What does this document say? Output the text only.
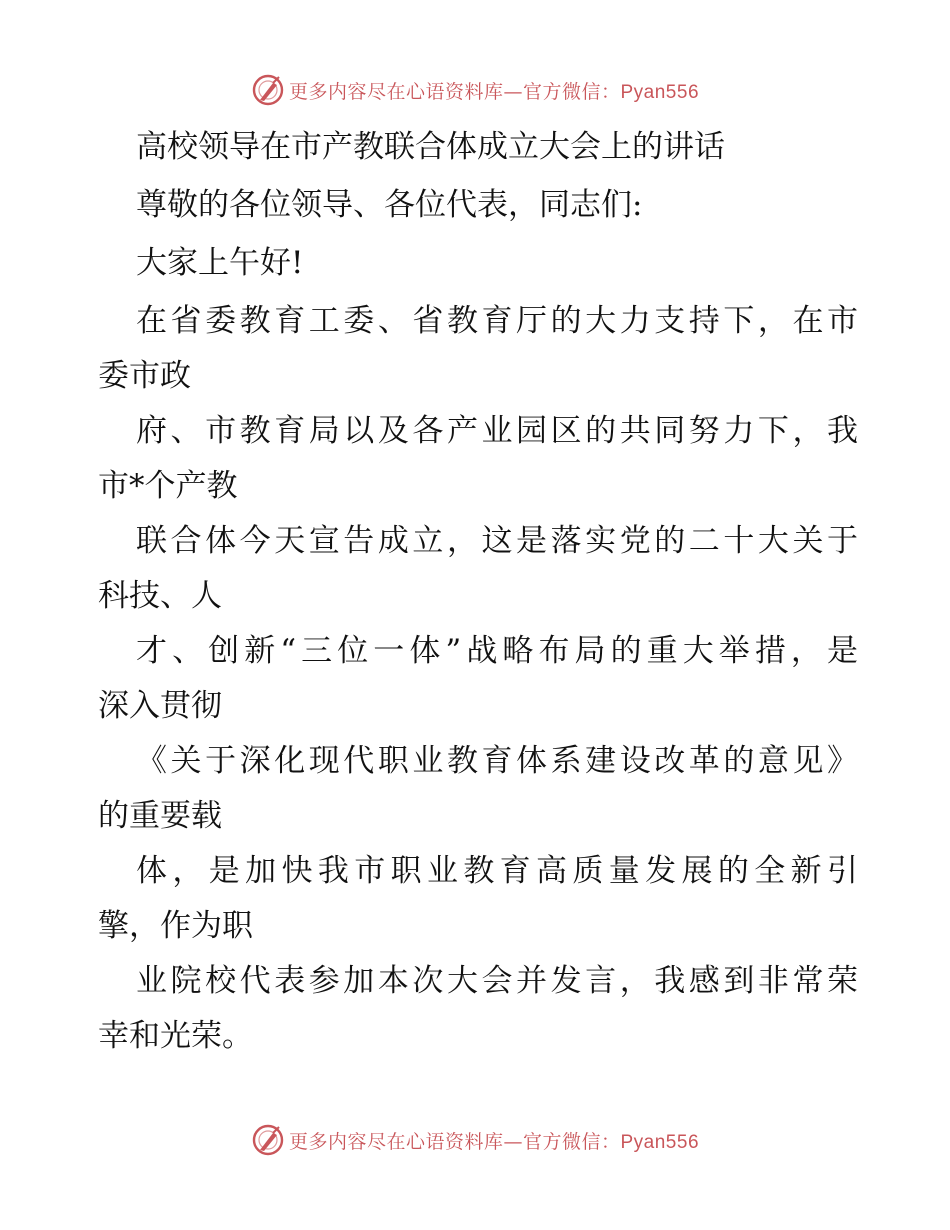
更多内容尽在心语资料库—官方微信：Pyan556

高校领导在市产教联合体成立大会上的讲话

尊敬的各位领导、各位代表，同志们:

大家上午好!

在省委教育工委、省教育厅的大力支持下，在市

委市政

府、市教育局以及各产业园区的共同努力下，我

市*个产教

联合体今天宣告成立，这是落实党的二十大关于

科技、人

才、创新“三位一体”战略布局的重大举措，是

深入贯彻

《关于深化现代职业教育体系建设改革的意见》

的重要载

体，是加快我市职业教育高质量发展的全新引

擎，作为职

业院校代表参加本次大会并发言，我感到非常荣

幸和光荣。

更多内容尽在心语资料库—官方微信：Pyan556
